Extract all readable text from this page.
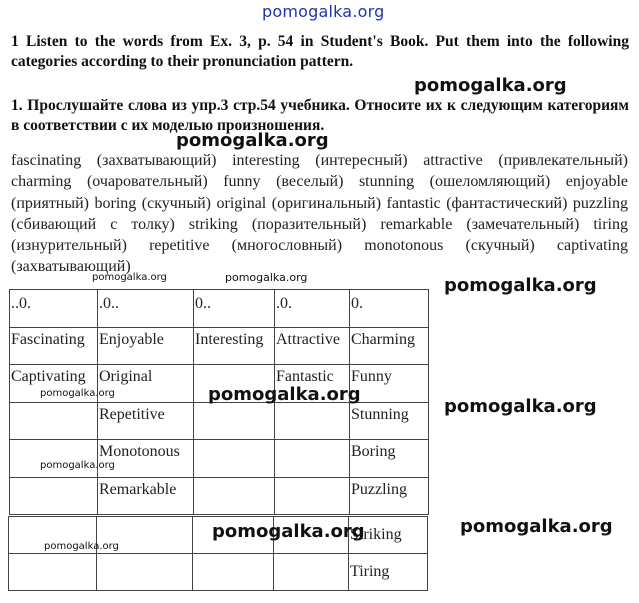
pomogalka.org
1 Listen to the words from Ex. 3, p. 54 in Student's Book. Put them into the following categories according to their pronunciation pattern.
pomogalka.org
1. Прослушайте слова из упр.3 стр.54 учебника. Относите их к следующим категориям в соответствии с их моделью произношения.
pomogalka.org
fascinating (захватывающий) interesting (интересный) attractive (привлекательный) charming (очаровательный) funny (веселый) stunning (ошеломляющий) enjoyable (приятный) boring (скучный) original (оригинальный) fantastic (фантастический) puzzling (сбивающий с толку) striking (поразительный) remarkable (замечательный) tiring (изнурительный) repetitive (многословный) monotonous (скучный) captivating (захватывающий)
pomogalka.org	pomogalka.org	pomogalka.org
..0.	.0..	0..	.0.	0.
Fascinating	Enjoyable	Interesting	Attractive	Charming
Captivating	Original		Fantastic	Funny
	Repetitive			Stunning
	Monotonous			Boring
	Remarkable			Puzzling
pomogalka.org	pomogalka.org
pomogalka.org
pomogalka.org
				Striking
				Tiring
pomogalka.org
pomogalka.org	pomogalka.org
